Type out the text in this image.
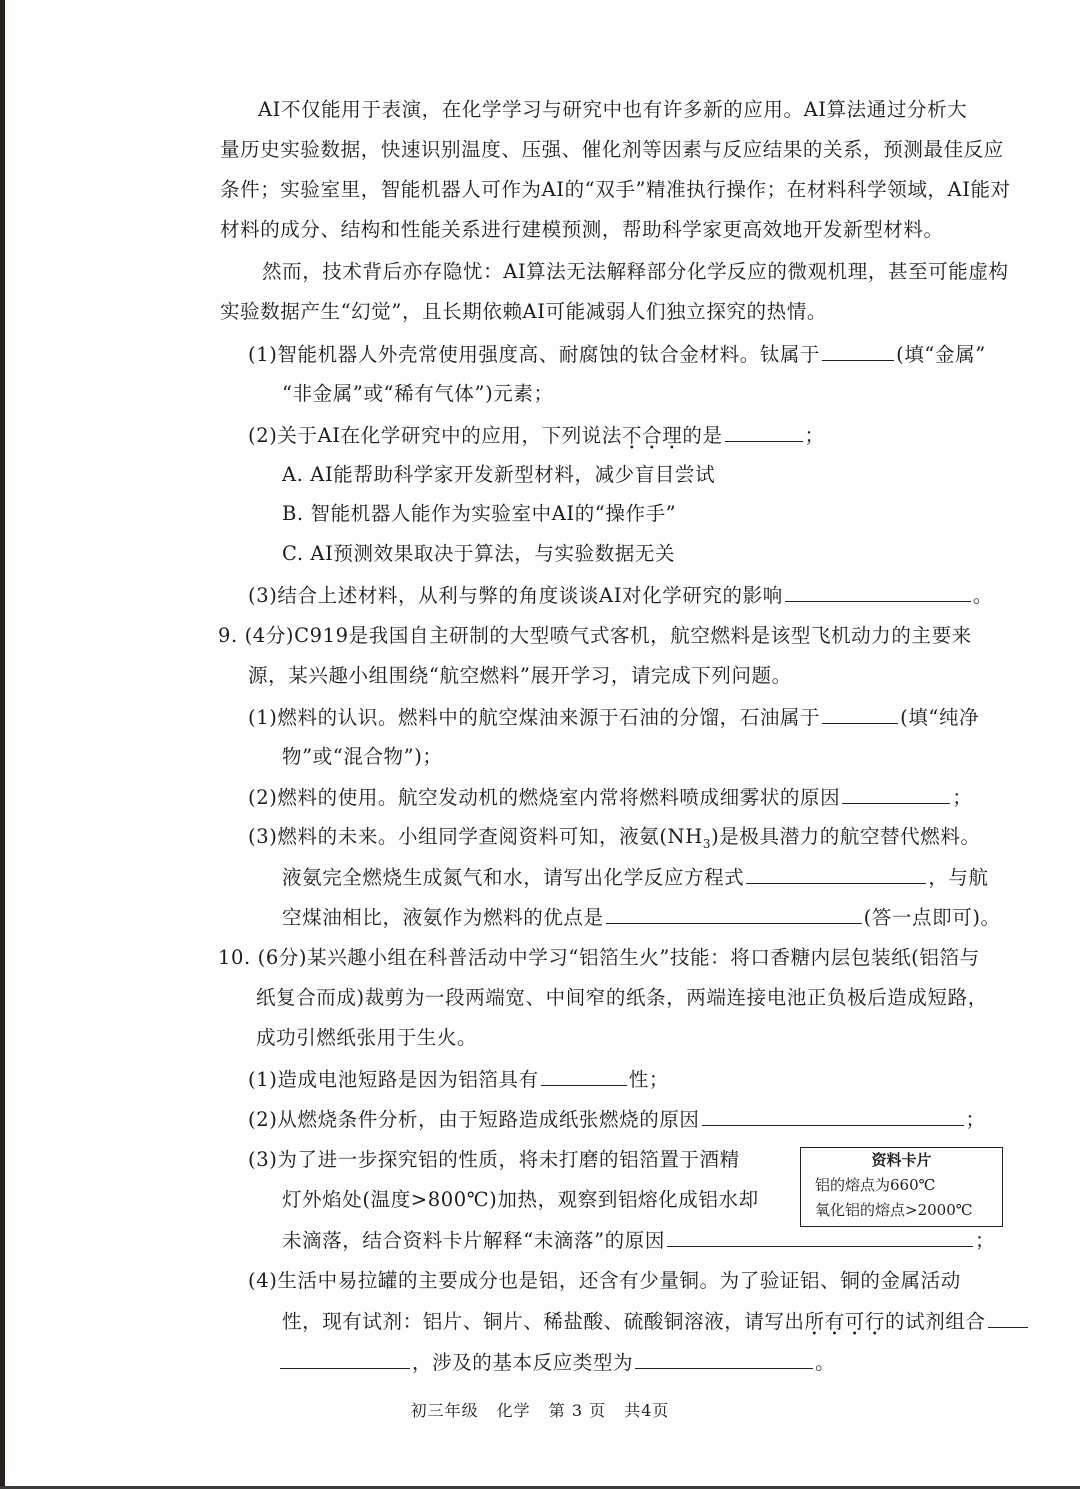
AI不仅能用于表演，在化学学习与研究中也有许多新的应用。AI算法通过分析大
量历史实验数据，快速识别温度、压强、催化剂等因素与反应结果的关系，预测最佳反应
条件；实验室里，智能机器人可作为AI的“双手”精准执行操作；在材料科学领域，AI能对
材料的成分、结构和性能关系进行建模预测，帮助科学家更高效地开发新型材料。
然而，技术背后亦存隐忧：AI算法无法解释部分化学反应的微观机理，甚至可能虚构
实验数据产生“幻觉”，且长期依赖AI可能减弱人们独立探究的热情。
(1)智能机器人外壳常使用强度高、耐腐蚀的钛合金材料。钛属于	(填“金属”
“非金属”或“稀有气体”)元素；
(2)关于AI在化学研究中的应用，下列说法不合理的是	；
A. AI能帮助科学家开发新型材料，减少盲目尝试
B. 智能机器人能作为实验室中AI的“操作手”
C. AI预测效果取决于算法，与实验数据无关
(3)结合上述材料，从利与弊的角度谈谈AI对化学研究的影响	。
9. (4分)C919是我国自主研制的大型喷气式客机，航空燃料是该型飞机动力的主要来
源，某兴趣小组围绕“航空燃料”展开学习，请完成下列问题。
(1)燃料的认识。燃料中的航空煤油来源于石油的分馏，石油属于	(填“纯净
物”或“混合物”)；
(2)燃料的使用。航空发动机的燃烧室内常将燃料喷成细雾状的原因	；
(3)燃料的未来。小组同学查阅资料可知，液氨$(NH_3)$是极具潜力的航空替代燃料。
液氨完全燃烧生成氮气和水，请写出化学反应方程式	，与航
空煤油相比，液氨作为燃料的优点是	(答一点即可)。
10. (6分)某兴趣小组在科普活动中学习“铝箔生火”技能：将口香糖内层包装纸(铝箔与
纸复合而成)裁剪为一段两端宽、中间窄的纸条，两端连接电池正负极后造成短路，
成功引燃纸张用于生火。
(1)造成电池短路是因为铝箔具有	性；
(2)从燃烧条件分析，由于短路造成纸张燃烧的原因	；
(3)为了进一步探究铝的性质，将未打磨的铝箔置于酒精
灯外焰处(温度>800℃)加热，观察到铝熔化成铝水却
未滴落，结合资料卡片解释“未滴落”的原因	；
资料卡片
铝的熔点为660℃
氧化铝的熔点>2000℃
(4)生活中易拉罐的主要成分也是铝，还含有少量铜。为了验证铝、铜的金属活动
性，现有试剂：铝片、铜片、稀盐酸、硫酸铜溶液，请写出所有可行的试剂组合
，涉及的基本反应类型为	。
初三年级 化学 第 3 页 共4页
